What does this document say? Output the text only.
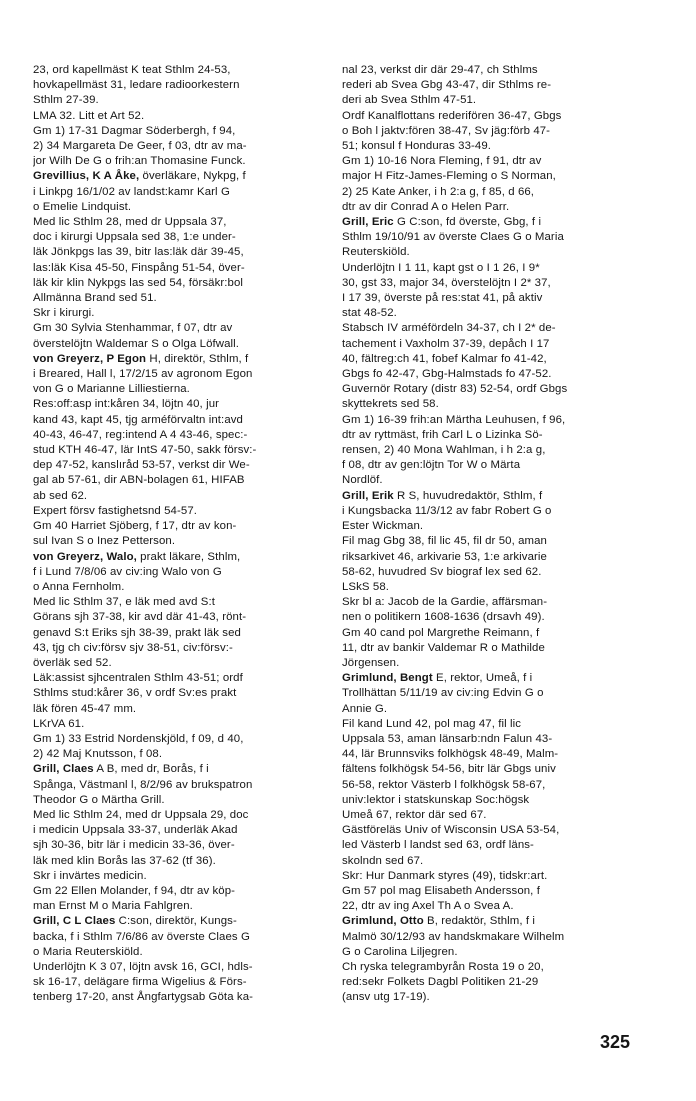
23, ord kapellmäst K teat Sthlm 24-53,
hovkapellmäst 31, ledare radioorkestern
Sthlm 27-39.
LMA 32. Litt et Art 52.
Gm 1) 17-31 Dagmar Söderbergh, f 94,
2) 34 Margareta De Geer, f 03, dtr av ma-
jor Wilh De G o frih:an Thomasine Funck.
Grevillius, K A Åke, överläkare, Nykpg, f
i Linkpg 16/1/02 av landst:kamr Karl G
o Emelie Lindquist.
Med lic Sthlm 28, med dr Uppsala 37,
doc i kirurgi Uppsala sed 38, 1:e under-
läk Jönkpgs las 39, bitr las:läk där 39-45,
las:läk Kisa 45-50, Finspång 51-54, över-
läk kir klin Nykpgs las sed 54, försäkr:bol
Allmänna Brand sed 51.
Skr i kirurgi.
Gm 30 Sylvia Stenhammar, f 07, dtr av
överstelöjtn Waldemar S o Olga Löfwall.
von Greyerz, P Egon H, direktör, Sthlm, f
i Breared, Hall l, 17/2/15 av agronom Egon
von G o Marianne Lilliestierna.
Res:off:asp int:kåren 34, löjtn 40, jur
kand 43, kapt 45, tjg arméförvaltn int:avd
40-43, 46-47, reg:intend A 4 43-46, spec:-
stud KTH 46-47, lär IntS 47-50, sakk försv:-
dep 47-52, kanslıråd 53-57, verkst dir We-
gal ab 57-61, dir ABN-bolagen 61, HIFAB
ab sed 62.
Expert försv fastighetsnd 54-57.
Gm 40 Harriet Sjöberg, f 17, dtr av kon-
sul Ivan S o Inez Petterson.
von Greyerz, Walo, prakt läkare, Sthlm,
f i Lund 7/8/06 av civ:ing Walo von G
o Anna Fernholm.
Med lic Sthlm 37, e läk med avd S:t
Görans sjh 37-38, kir avd där 41-43, rönt-
genavd S:t Eriks sjh 38-39, prakt läk sed
43, tjg ch civ:försv sjv 38-51, civ:försv:-
överläk sed 52.
Läk:assist sjhcentralen Sthlm 43-51; ordf
Sthlms stud:kårer 36, v ordf Sv:es prakt
läk fören 45-47 mm.
LKrVA 61.
Gm 1) 33 Estrid Nordenskjöld, f 09, d 40,
2) 42 Maj Knutsson, f 08.
Grill, Claes A B, med dr, Borås, f i
Spånga, Västmanl l, 8/2/96 av brukspatron
Theodor G o Märtha Grill.
Med lic Sthlm 24, med dr Uppsala 29, doc
i medicin Uppsala 33-37, underläk Akad
sjh 30-36, bitr lär i medicin 33-36, över-
läk med klin Borås las 37-62 (tf 36).
Skr i invärtes medicin.
Gm 22 Ellen Molander, f 94, dtr av köp-
man Ernst M o Maria Fahlgren.
Grill, C L Claes C:son, direktör, Kungs-
backa, f i Sthlm 7/6/86 av överste Claes G
o Maria Reuterskiöld.
Underlöjtn K 3 07, löjtn avsk 16, GCI, hdls-
sk 16-17, delägare firma Wigelius & Förs-
tenberg 17-20, anst Ångfartygsab Göta ka-
nal 23, verkst dir där 29-47, ch Sthlms
rederi ab Svea Gbg 43-47, dir Sthlms re-
deri ab Svea Sthlm 47-51.
Ordf Kanalflottans rederifören 36-47, Gbgs
o Boh l jaktv:fören 38-47, Sv jäg:förb 47-
51; konsul f Honduras 33-49.
Gm 1) 10-16 Nora Fleming, f 91, dtr av
major H Fitz-James-Fleming o S Norman,
2) 25 Kate Anker, i h 2:a g, f 85, d 66,
dtr av dir Conrad A o Helen Parr.
Grill, Eric G C:son, fd överste, Gbg, f i
Sthlm 19/10/91 av överste Claes G o Maria
Reuterskiöld.
Underlöjtn I 1 11, kapt gst o I 1 26, I 9*
30, gst 33, major 34, överstelöjtn I 2* 37,
I 17 39, överste på res:stat 41, på aktiv
stat 48-52.
Stabsch IV arméfördeln 34-37, ch I 2* de-
tachement i Vaxholm 37-39, depåch I 17
40, fältreg:ch 41, fobef Kalmar fo 41-42,
Gbgs fo 42-47, Gbg-Halmstads fo 47-52.
Guvernör Rotary (distr 83) 52-54, ordf Gbgs
skyttekrets sed 58.
Gm 1) 16-39 frih:an Märtha Leuhusen, f 96,
dtr av ryttmäst, frih Carl L o Lizinka Sö-
rensen, 2) 40 Mona Wahlman, i h 2:a g,
f 08, dtr av gen:löjtn Tor W o Märta
Nordlöf.
Grill, Erik R S, huvudredaktör, Sthlm, f
i Kungsbacka 11/3/12 av fabr Robert G o
Ester Wickman.
Fil mag Gbg 38, fil lic 45, fil dr 50, aman
riksarkivet 46, arkivarie 53, 1:e arkivarie
58-62, huvudred Sv biograf lex sed 62.
LSkS 58.
Skr bl a: Jacob de la Gardie, affärsman-
nen o politikern 1608-1636 (drsavh 49).
Gm 40 cand pol Margrethe Reimann, f
11, dtr av bankir Valdemar R o Mathilde
Jörgensen.
Grimlund, Bengt E, rektor, Umeå, f i
Trollhättan 5/11/19 av civ:ing Edvin G o
Annie G.
Fil kand Lund 42, pol mag 47, fil lic
Uppsala 53, aman länsarb:ndn Falun 43-
44, lär Brunnsviks folkhögsk 48-49, Malm-
fältens folkhögsk 54-56, bitr lär Gbgs univ
56-58, rektor Västerb l folkhögsk 58-67,
univ:lektor i statskunskap Soc:högsk
Umeå 67, rektor där sed 67.
Gästföreläs Univ of Wisconsin USA 53-54,
led Västerb l landst sed 63, ordf läns-
skolndn sed 67.
Skr: Hur Danmark styres (49), tidskr:art.
Gm 57 pol mag Elisabeth Andersson, f
22, dtr av ing Axel Th A o Svea A.
Grimlund, Otto B, redaktör, Sthlm, f i
Malmö 30/12/93 av handskmakare Wilhelm
G o Carolina Liljegren.
Ch ryska telegrambyrån Rosta 19 o 20,
red:sekr Folkets Dagbl Politiken 21-29
(ansv utg 17-19).
325
